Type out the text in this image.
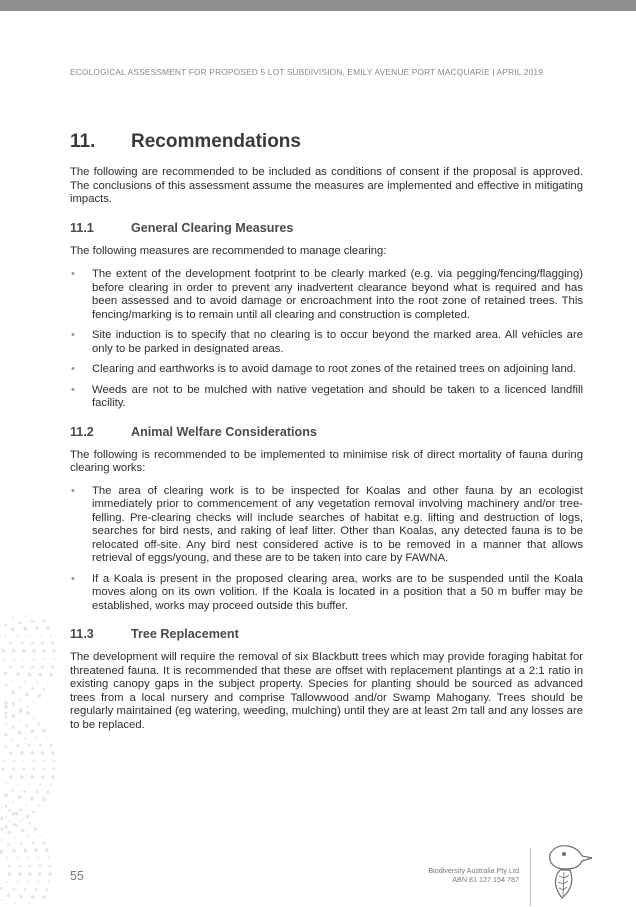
ECOLOGICAL ASSESSMENT FOR PROPOSED 5 LOT SUBDIVISION, EMILY AVENUE PORT MACQUARIE | APRIL 2019
11.	Recommendations

The following are recommended to be included as conditions of consent if the proposal is approved. The conclusions of this assessment assume the measures are implemented and effective in mitigating impacts.

11.1	General Clearing Measures

The following measures are recommended to manage clearing:

• The extent of the development footprint to be clearly marked (e.g. via pegging/fencing/flagging) before clearing in order to prevent any inadvertent clearance beyond what is required and has been assessed and to avoid damage or encroachment into the root zone of retained trees. This fencing/marking is to remain until all clearing and construction is completed.
• Site induction is to specify that no clearing is to occur beyond the marked area. All vehicles are only to be parked in designated areas.
• Clearing and earthworks is to avoid damage to root zones of the retained trees on adjoining land.
• Weeds are not to be mulched with native vegetation and should be taken to a licenced landfill facility.
11.2	Animal Welfare Considerations

The following is recommended to be implemented to minimise risk of direct mortality of fauna during clearing works:

• The area of clearing work is to be inspected for Koalas and other fauna by an ecologist immediately prior to commencement of any vegetation removal involving machinery and/or tree-felling. Pre-clearing checks will include searches of habitat e.g. lifting and destruction of logs, searches for bird nests, and raking of leaf litter. Other than Koalas, any detected fauna is to be relocated off-site. Any bird nest considered active is to be removed in a manner that allows retrieval of eggs/young, and these are to be taken into care by FAWNA.
• If a Koala is present in the proposed clearing area, works are to be suspended until the Koala moves along on its own volition. If the Koala is located in a position that a 50 m buffer may be established, works may proceed outside this buffer.
11.3	Tree Replacement

The development will require the removal of six Blackbutt trees which may provide foraging habitat for threatened fauna. It is recommended that these are offset with replacement plantings at a 2:1 ratio in existing canopy gaps in the subject property. Species for planting should be sourced as advanced trees from a local nursery and comprise Tallowwood and/or Swamp Mahogany. Trees should be regularly maintained (eg watering, weeding, mulching) until they are at least 2m tall and any losses are to be replaced.

55	Biodiversity Australia Pty Ltd
ABN 81 127 154 787
